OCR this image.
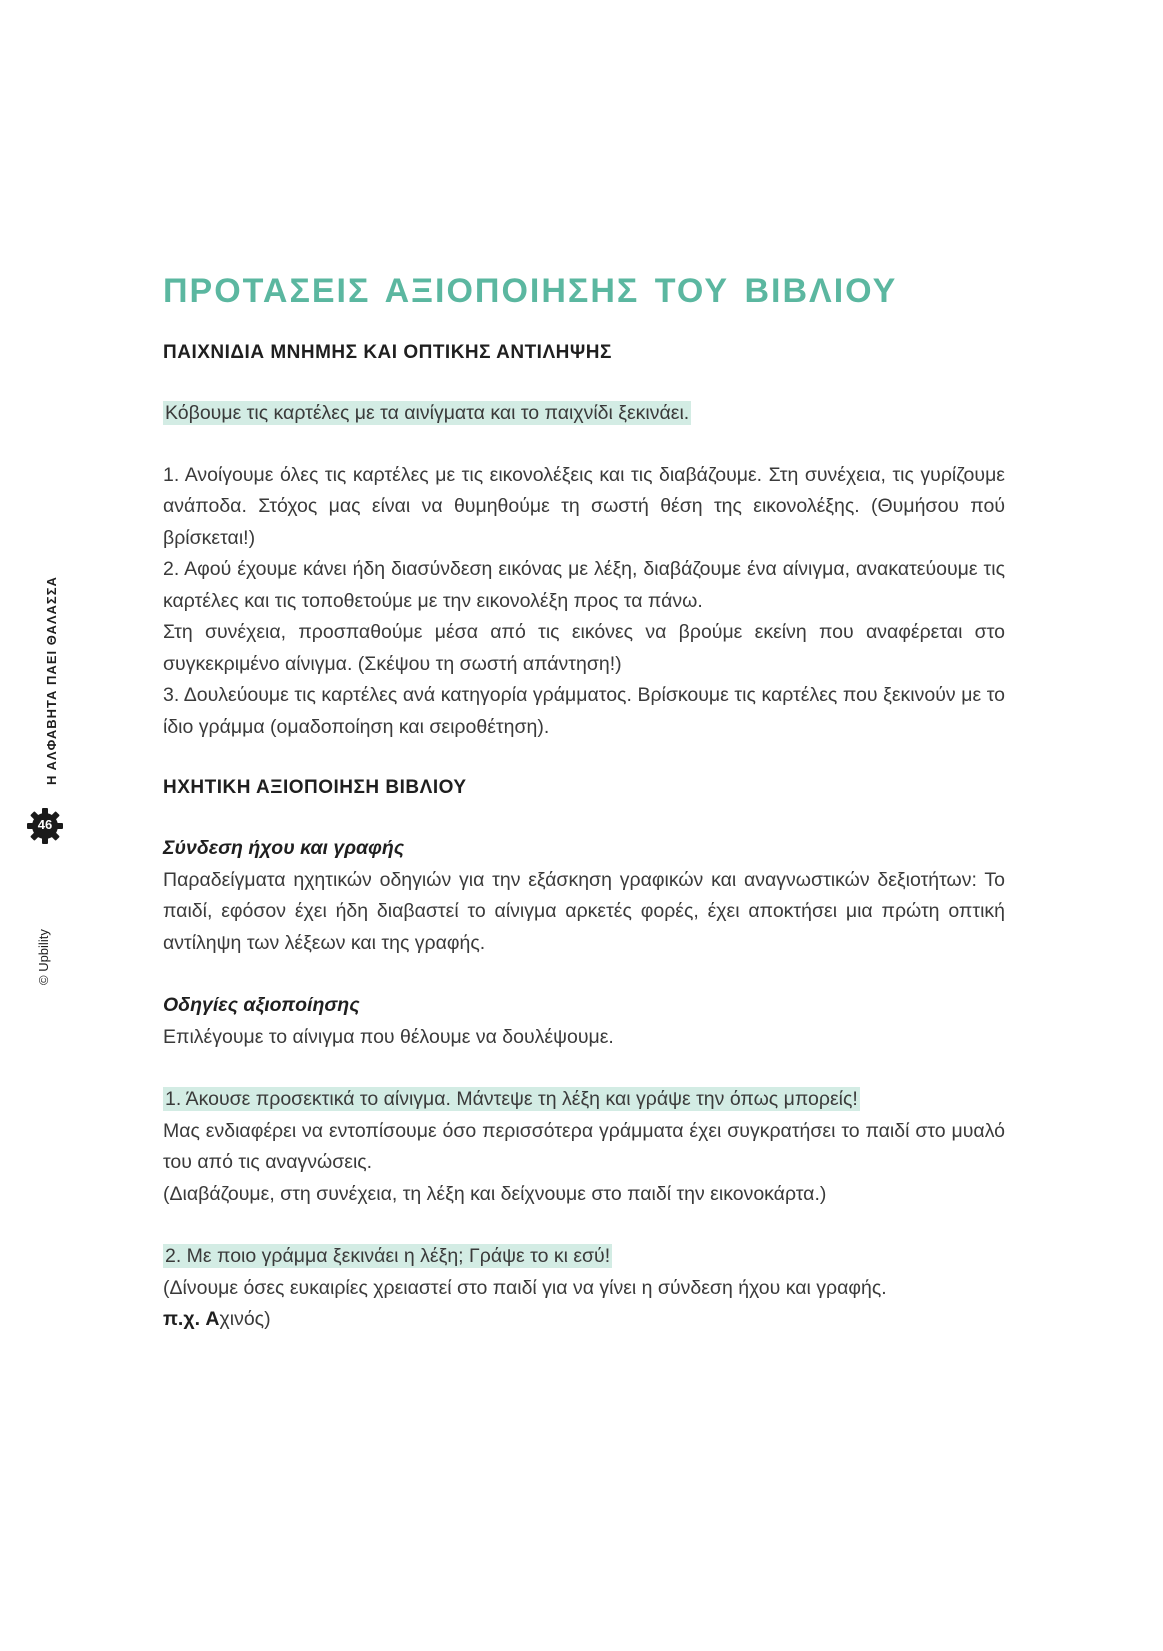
Η ΑΛΦΑΒΗΤΑ ΠΑΕΙ ΘΑΛΑΣΣΑ
46
© Upbility
ΠΡΟΤΑΣΕΙΣ ΑΞΙΟΠΟΙΗΣΗΣ ΤΟΥ ΒΙΒΛΙΟΥ
ΠΑΙΧΝΙΔΙΑ ΜΝΗΜΗΣ ΚΑΙ ΟΠΤΙΚΗΣ ΑΝΤΙΛΗΨΗΣ

Κόβουμε τις καρτέλες με τα αινίγματα και το παιχνίδι ξεκινάει.

1. Ανοίγουμε όλες τις καρτέλες με τις εικονολέξεις και τις διαβάζουμε. Στη συνέχεια, τις γυρίζουμε ανάποδα. Στόχος μας είναι να θυμηθούμε τη σωστή θέση της εικονολέξης. (Θυμήσου πού βρίσκεται!)

2. Αφού έχουμε κάνει ήδη διασύνδεση εικόνας με λέξη, διαβάζουμε ένα αίνιγμα, ανακατεύουμε τις καρτέλες και τις τοποθετούμε με την εικονολέξη προς τα πάνω.

Στη συνέχεια, προσπαθούμε μέσα από τις εικόνες να βρούμε εκείνη που αναφέρεται στο συγκεκριμένο αίνιγμα. (Σκέψου τη σωστή απάντηση!)

3. Δουλεύουμε τις καρτέλες ανά κατηγορία γράμματος. Βρίσκουμε τις καρτέλες που ξεκινούν με το ίδιο γράμμα (ομαδοποίηση και σειροθέτηση).

ΗΧΗΤΙΚΗ ΑΞΙΟΠΟΙΗΣΗ ΒΙΒΛΙΟΥ
Σύνδεση ήχου και γραφής

Παραδείγματα ηχητικών οδηγιών για την εξάσκηση γραφικών και αναγνωστικών δεξιοτήτων: Το παιδί, εφόσον έχει ήδη διαβαστεί το αίνιγμα αρκετές φορές, έχει αποκτήσει μια πρώτη οπτική αντίληψη των λέξεων και της γραφής.

Οδηγίες αξιοποίησης

Επιλέγουμε το αίνιγμα που θέλουμε να δουλέψουμε.

1. Άκουσε προσεκτικά το αίνιγμα. Μάντεψε τη λέξη και γράψε την όπως μπορείς!

Μας ενδιαφέρει να εντοπίσουμε όσο περισσότερα γράμματα έχει συγκρατήσει το παιδί στο μυαλό του από τις αναγνώσεις.

(Διαβάζουμε, στη συνέχεια, τη λέξη και δείχνουμε στο παιδί την εικονοκάρτα.)

2. Με ποιο γράμμα ξεκινάει η λέξη; Γράψε το κι εσύ!

(Δίνουμε όσες ευκαιρίες χρειαστεί στο παιδί για να γίνει η σύνδεση ήχου και γραφής.

π.χ. Αχινός)
